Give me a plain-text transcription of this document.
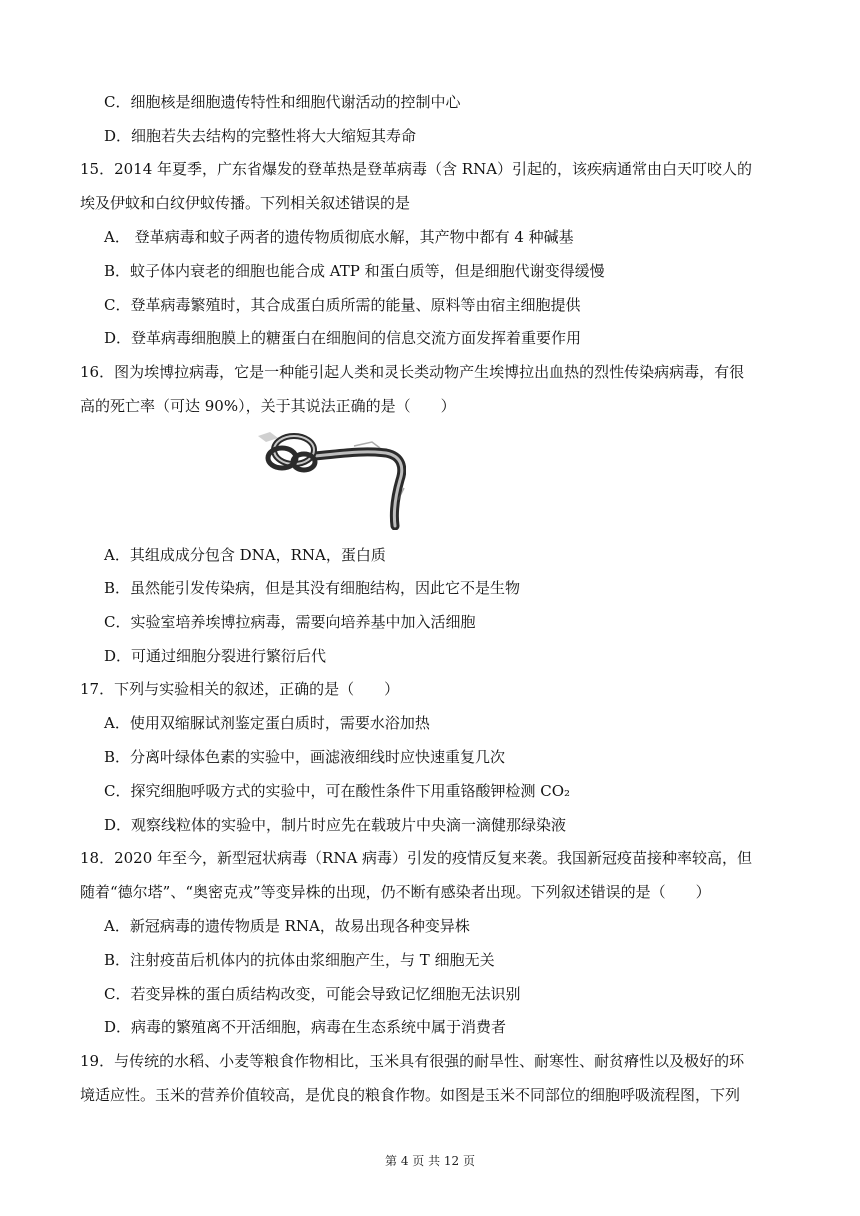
C．细胞核是细胞遗传特性和细胞代谢活动的控制中心
D．细胞若失去结构的完整性将大大缩短其寿命
15．2014 年夏季，广东省爆发的登革热是登革病毒（含 RNA）引起的，该疾病通常由白天叮咬人的
埃及伊蚊和白纹伊蚊传播。下列相关叙述错误的是
A． 登革病毒和蚊子两者的遗传物质彻底水解，其产物中都有 4 种碱基
B．蚊子体内衰老的细胞也能合成 ATP 和蛋白质等，但是细胞代谢变得缓慢
C．登革病毒繁殖时，其合成蛋白质所需的能量、原料等由宿主细胞提供
D．登革病毒细胞膜上的糖蛋白在细胞间的信息交流方面发挥着重要作用
16．图为埃博拉病毒，它是一种能引起人类和灵长类动物产生埃博拉出血热的烈性传染病病毒，有很
高的死亡率（可达 90%），关于其说法正确的是（　　）
A．其组成成分包含 DNA，RNA，蛋白质
B．虽然能引发传染病，但是其没有细胞结构，因此它不是生物
C．实验室培养埃博拉病毒，需要向培养基中加入活细胞
D．可通过细胞分裂进行繁衍后代
17．下列与实验相关的叙述，正确的是（　　）
A．使用双缩脲试剂鉴定蛋白质时，需要水浴加热
B．分离叶绿体色素的实验中，画滤液细线时应快速重复几次
C．探究细胞呼吸方式的实验中，可在酸性条件下用重铬酸钾检测 CO₂
D．观察线粒体的实验中，制片时应先在载玻片中央滴一滴健那绿染液
18．2020 年至今，新型冠状病毒（RNA 病毒）引发的疫情反复来袭。我国新冠疫苗接种率较高，但
随着“德尔塔”、“奥密克戎”等变异株的出现，仍不断有感染者出现。下列叙述错误的是（　　）
A．新冠病毒的遗传物质是 RNA，故易出现各种变异株
B．注射疫苗后机体内的抗体由浆细胞产生，与 T 细胞无关
C．若变异株的蛋白质结构改变，可能会导致记忆细胞无法识别
D．病毒的繁殖离不开活细胞，病毒在生态系统中属于消费者
19．与传统的水稻、小麦等粮食作物相比，玉米具有很强的耐旱性、耐寒性、耐贫瘠性以及极好的环
境适应性。玉米的营养价值较高，是优良的粮食作物。如图是玉米不同部位的细胞呼吸流程图，下列
第 4 页 共 12 页
